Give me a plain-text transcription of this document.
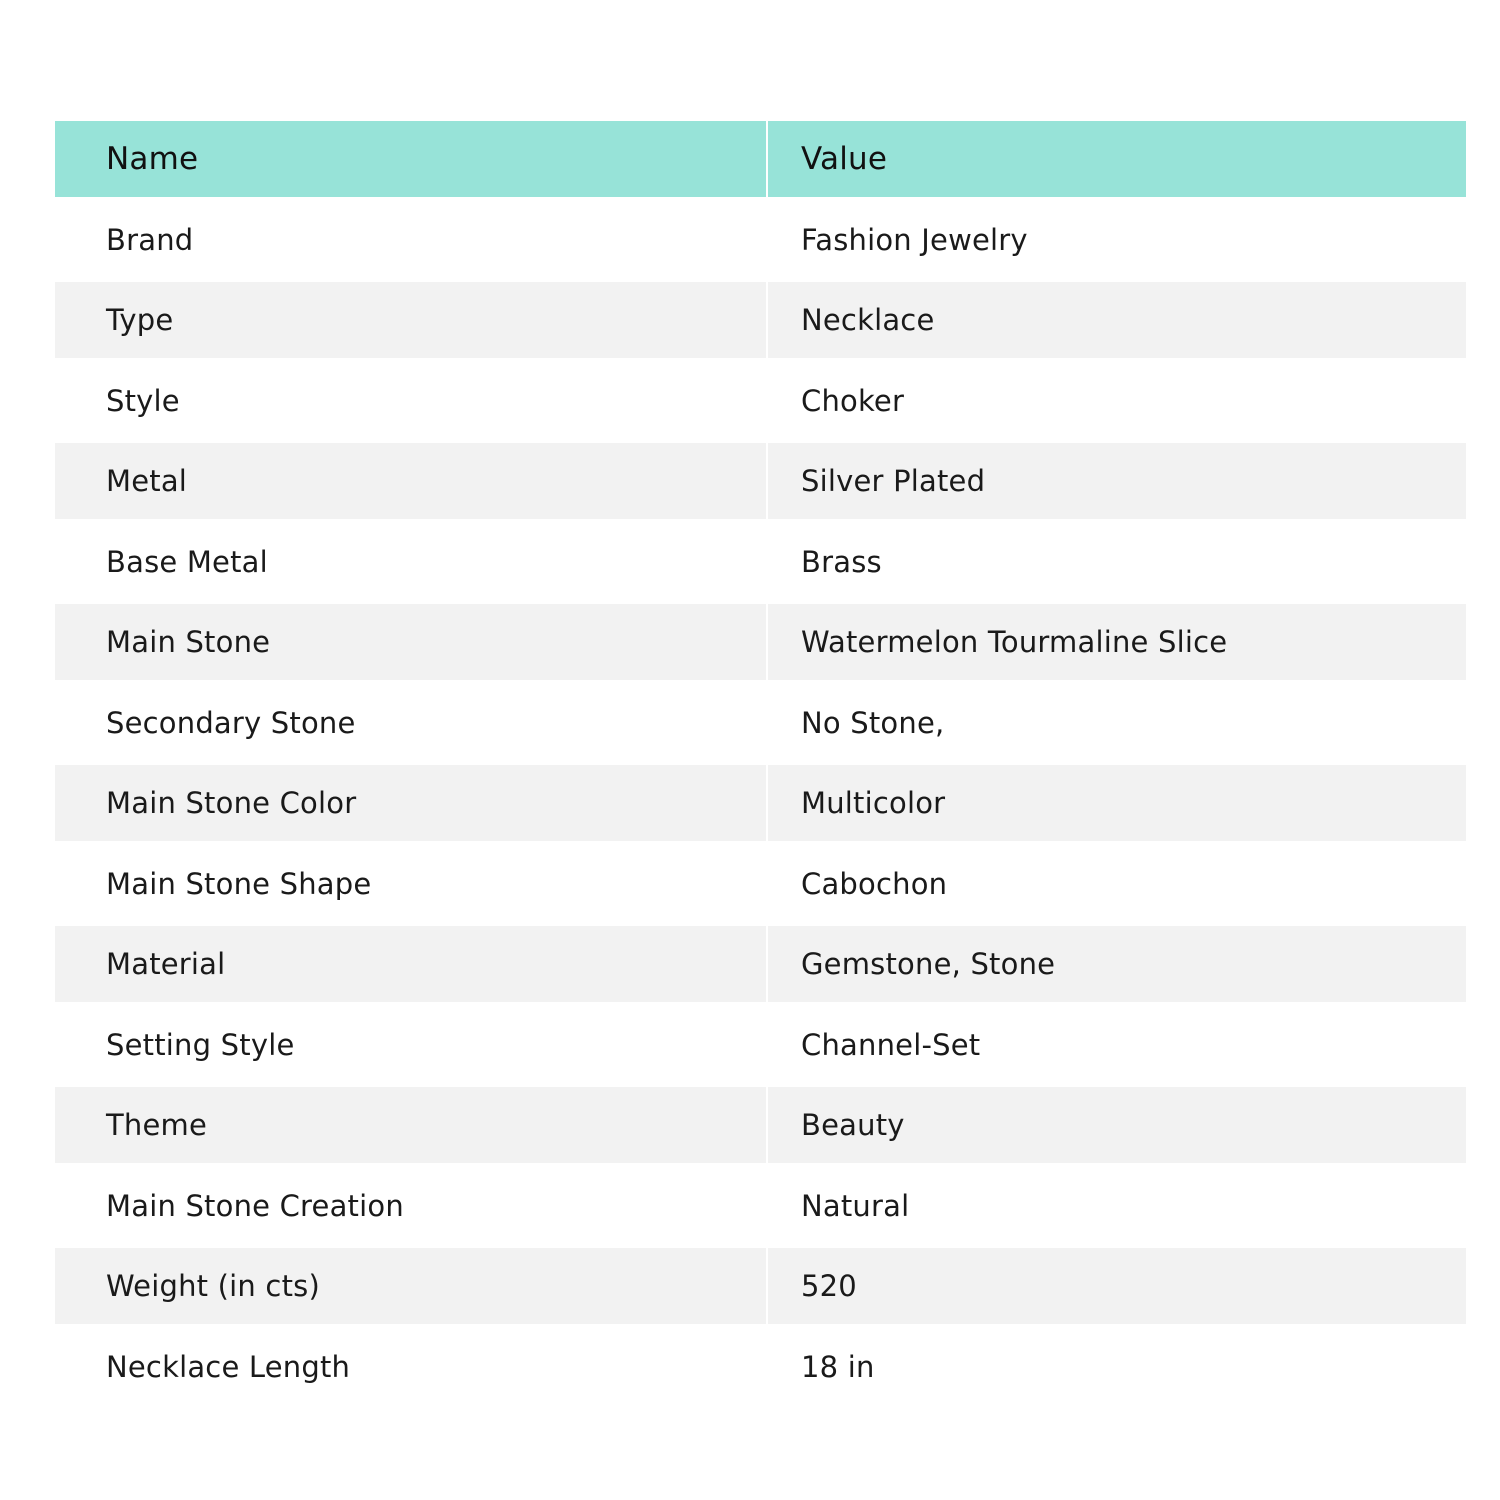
Name	Value
Brand	Fashion Jewelry
Type	Necklace
Style	Choker
Metal	Silver Plated
Base Metal	Brass
Main Stone	Watermelon Tourmaline Slice
Secondary Stone	No Stone,
Main Stone Color	Multicolor
Main Stone Shape	Cabochon
Material	Gemstone, Stone
Setting Style	Channel-Set
Theme	Beauty
Main Stone Creation	Natural
Weight (in cts)	520
Necklace Length	18 in
